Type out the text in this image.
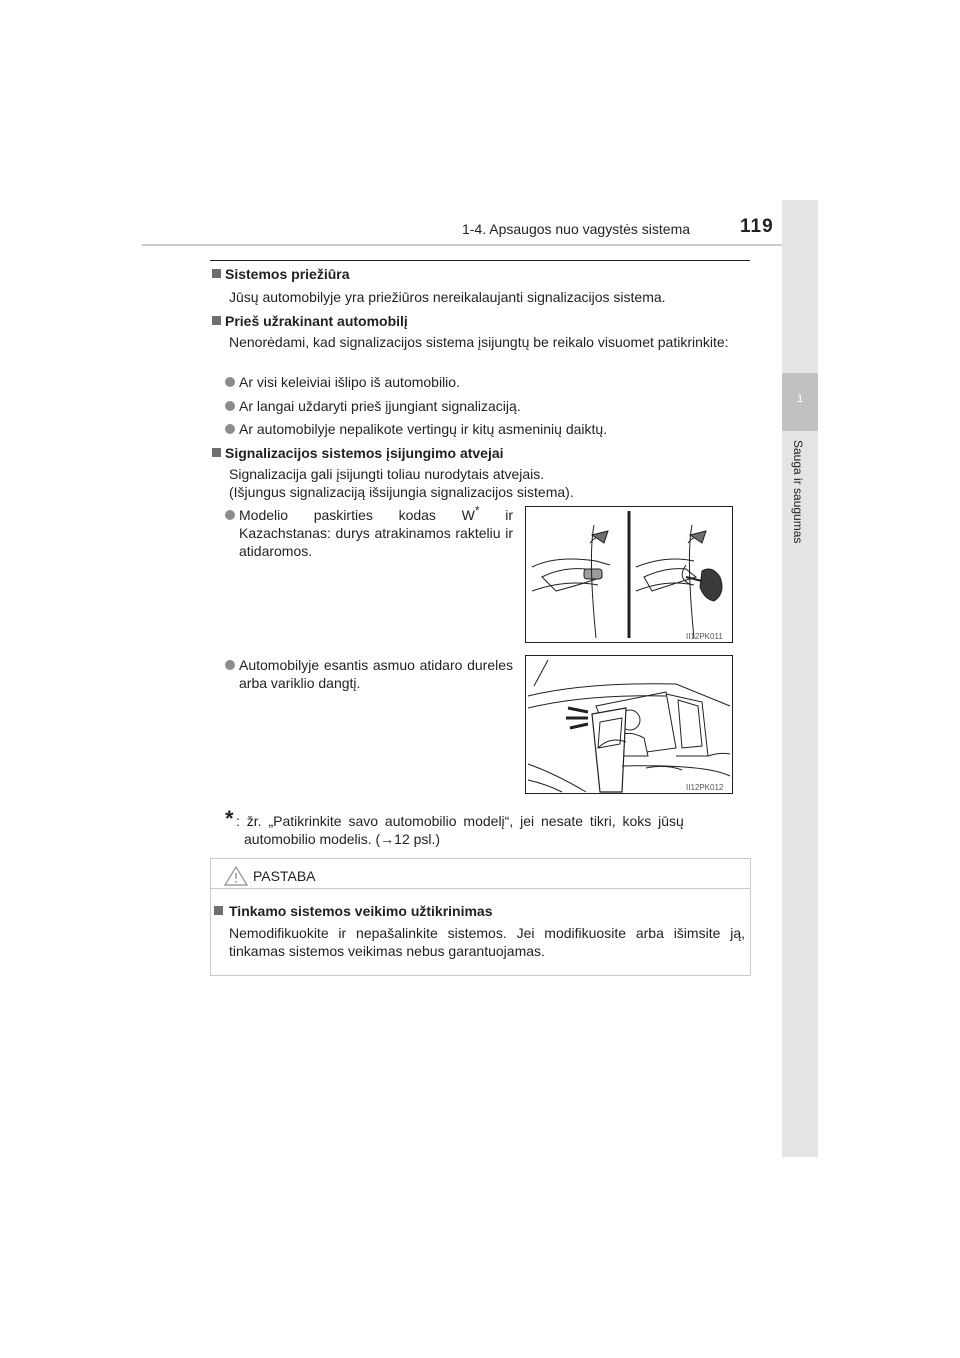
1-4. Apsaugos nuo vagystės sistema	119
1
Sauga ir saugumas
Sistemos priežiūra
Jūsų automobilyje yra priežiūros nereikalaujanti signalizacijos sistema.
Prieš užrakinant automobilį
Nenorėdami, kad signalizacijos sistema įsijungtų be reikalo visuomet patikrinkite:
Ar visi keleiviai išlipo iš automobilio.
Ar langai uždaryti prieš įjungiant signalizaciją.
Ar automobilyje nepalikote vertingų ir kitų asmeninių daiktų.
Signalizacijos sistemos įsijungimo atvejai
Signalizacija gali įsijungti toliau nurodytais atvejais.
(Išjungus signalizaciją išsijungia signalizacijos sistema).
Modelio paskirties kodas W* ir Kazachstanas: durys atrakinamos rakteliu ir atidaromos.
II12PK011
Automobilyje esantis asmuo atidaro dureles arba variklio dangtį.
II12PK012
* : žr. „Patikrinkite savo automobilio modelį“, jei nesate tikri, koks jūsų
automobilio modelis. (→12 psl.)
PASTABA
Tinkamo sistemos veikimo užtikrinimas
Nemodifikuokite ir nepašalinkite sistemos. Jei modifikuosite arba išimsite ją, tinkamas sistemos veikimas nebus garantuojamas.
